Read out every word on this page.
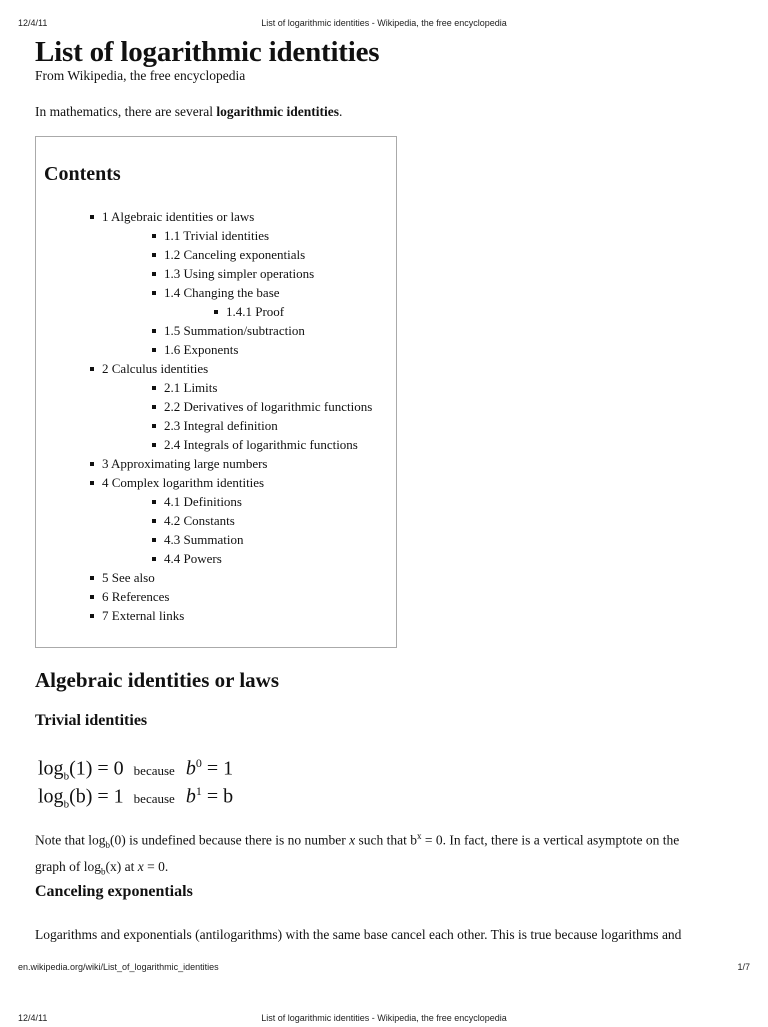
12/4/11	List of logarithmic identities - Wikipedia, the free encyclopedia
List of logarithmic identities
From Wikipedia, the free encyclopedia
In mathematics, there are several logarithmic identities.
Contents
1 Algebraic identities or laws
1.1 Trivial identities
1.2 Canceling exponentials
1.3 Using simpler operations
1.4 Changing the base
1.4.1 Proof
1.5 Summation/subtraction
1.6 Exponents
2 Calculus identities
2.1 Limits
2.2 Derivatives of logarithmic functions
2.3 Integral definition
2.4 Integrals of logarithmic functions
3 Approximating large numbers
4 Complex logarithm identities
4.1 Definitions
4.2 Constants
4.3 Summation
4.4 Powers
5 See also
6 References
7 External links
Algebraic identities or laws
Trivial identities
$\log_b(1) = 0$ because $b^0 = 1$
$\log_b(b) = 1$ because $b^1 = b$
Note that $\log_b(0)$ is undefined because there is no number x such that $b^x = 0$. In fact, there is a vertical asymptote on the
graph of $\log_b(x)$ at x = 0.
Canceling exponentials
Logarithms and exponentials (antilogarithms) with the same base cancel each other. This is true because logarithms and
en.wikipedia.org/wiki/List_of_logarithmic_identities	1/7
12/4/11	List of logarithmic identities - Wikipedia, the free encyclopedia
